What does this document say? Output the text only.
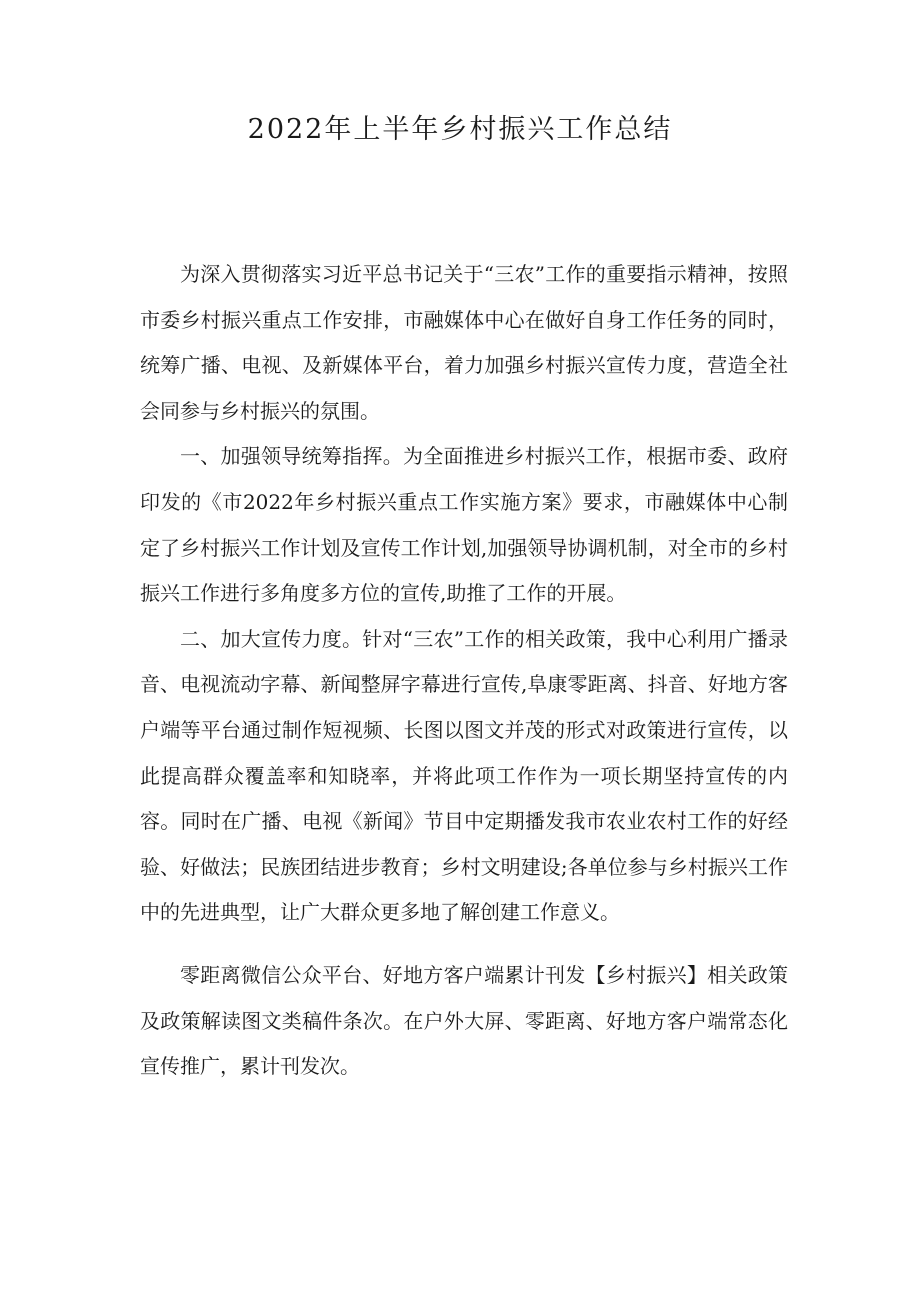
2022年上半年乡村振兴工作总结

为深入贯彻落实习近平总书记关于“三农”工作的重要指示精神，按照市委乡村振兴重点工作安排，市融媒体中心在做好自身工作任务的同时，统筹广播、电视、及新媒体平台，着力加强乡村振兴宣传力度，营造全社会同参与乡村振兴的氛围。

一、加强领导统筹指挥。为全面推进乡村振兴工作，根据市委、政府印发的《市2022年乡村振兴重点工作实施方案》要求，市融媒体中心制定了乡村振兴工作计划及宣传工作计划,加强领导协调机制，对全市的乡村振兴工作进行多角度多方位的宣传,助推了工作的开展。

二、加大宣传力度。针对“三农”工作的相关政策，我中心利用广播录音、电视流动字幕、新闻整屏字幕进行宣传,阜康零距离、抖音、好地方客户端等平台通过制作短视频、长图以图文并茂的形式对政策进行宣传，以此提高群众覆盖率和知晓率，并将此项工作作为一项长期坚持宣传的内容。同时在广播、电视《新闻》节目中定期播发我市农业农村工作的好经验、好做法；民族团结进步教育；乡村文明建设;各单位参与乡村振兴工作中的先进典型，让广大群众更多地了解创建工作意义。

零距离微信公众平台、好地方客户端累计刊发【乡村振兴】相关政策及政策解读图文类稿件条次。在户外大屏、零距离、好地方客户端常态化宣传推广，累计刊发次。
